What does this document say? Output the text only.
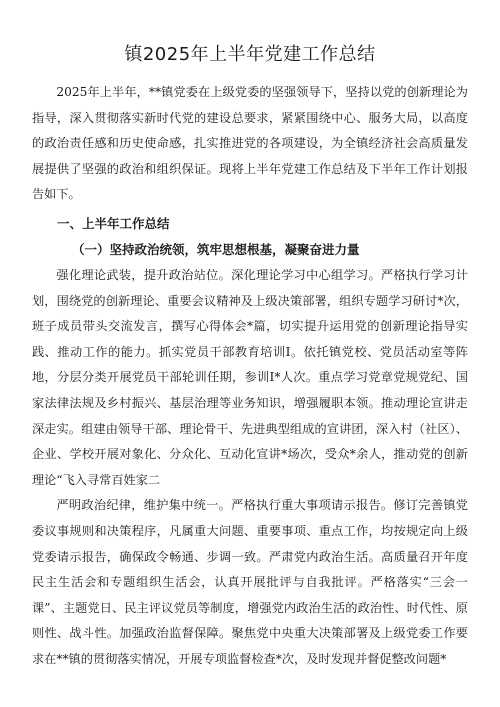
镇2025年上半年党建工作总结

2025年上半年，**镇党委在上级党委的坚强领导下，坚持以党的创新理论为指导，深入贯彻落实新时代党的建设总要求，紧紧围绕中心、服务大局，以高度的政治责任感和历史使命感，扎实推进党的各项建设，为全镇经济社会高质量发展提供了坚强的政治和组织保证。现将上半年党建工作总结及下半年工作计划报告如下。

一、上半年工作总结
（一）坚持政治统领，筑牢思想根基，凝聚奋进力量

强化理论武装，提升政治站位。深化理论学习中心组学习。严格执行学习计划，围绕党的创新理论、重要会议精神及上级决策部署，组织专题学习研讨*次，班子成员带头交流发言，撰写心得体会*篇，切实提升运用党的创新理论指导实践、推动工作的能力。抓实党员干部教育培训I。依托镇党校、党员活动室等阵地，分层分类开展党员干部轮训任期，参训I*人次。重点学习党章党规党纪、国家法律法规及乡村振兴、基层治理等业务知识，增强履职本领。推动理论宣讲走深走实。组建由领导干部、理论骨干、先进典型组成的宣讲团，深入村（社区）、企业、学校开展对象化、分众化、互动化宣讲*场次，受众*余人，推动党的创新理论“飞入寻常百姓家二

严明政治纪律，维护集中统一。严格执行重大事项请示报告。修订完善镇党委议事规则和决策程序，凡属重大问题、重要事项、重点工作，均按规定向上级党委请示报告，确保政令畅通、步调一致。严肃党内政治生活。高质量召开年度民主生活会和专题组织生活会，认真开展批评与自我批评。严格落实“三会一课”、主题党日、民主评议党员等制度，增强党内政治生活的政治性、时代性、原则性、战斗性。加强政治监督保障。聚焦党中央重大决策部署及上级党委工作要求在**镇的贯彻落实情况，开展专项监督检查*次，及时发现并督促整改问题*
